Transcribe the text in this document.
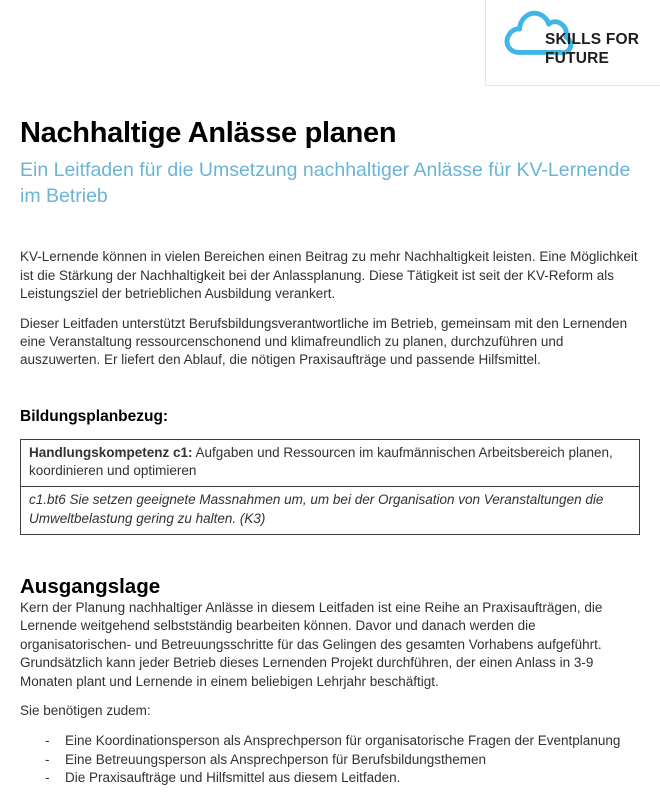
SKILLS FOR
FUTURE
Nachhaltige Anlässe planen

Ein Leitfaden für die Umsetzung nachhaltiger Anlässe für KV-Lernende im Betrieb

KV-Lernende können in vielen Bereichen einen Beitrag zu mehr Nachhaltigkeit leisten. Eine Möglichkeit ist die Stärkung der Nachhaltigkeit bei der Anlassplanung. Diese Tätigkeit ist seit der KV-Reform als Leistungsziel der betrieblichen Ausbildung verankert.

Dieser Leitfaden unterstützt Berufsbildungsverantwortliche im Betrieb, gemeinsam mit den Lernenden eine Veranstaltung ressourcenschonend und klimafreundlich zu planen, durchzuführen und auszuwerten. Er liefert den Ablauf, die nötigen Praxisaufträge und passende Hilfsmittel.

Bildungsplanbezug:
Handlungskompetenz c1: Aufgaben und Ressourcen im kaufmännischen Arbeitsbereich planen, koordinieren und optimieren
c1.bt6 Sie setzen geeignete Massnahmen um, um bei der Organisation von Veranstaltungen die Umweltbelastung gering zu halten. (K3)
Ausgangslage

Kern der Planung nachhaltiger Anlässe in diesem Leitfaden ist eine Reihe an Praxisaufträgen, die Lernende weitgehend selbstständig bearbeiten können. Davor und danach werden die organisatorischen- und Betreuungsschritte für das Gelingen des gesamten Vorhabens aufgeführt. Grundsätzlich kann jeder Betrieb dieses Lernenden Projekt durchführen, der einen Anlass in 3-9 Monaten plant und Lernende in einem beliebigen Lehrjahr beschäftigt.

Sie benötigen zudem:

-	Eine Koordinationsperson als Ansprechperson für organisatorische Fragen der Eventplanung
-	Eine Betreuungsperson als Ansprechperson für Berufsbildungsthemen
-	Die Praxisaufträge und Hilfsmittel aus diesem Leitfaden.
